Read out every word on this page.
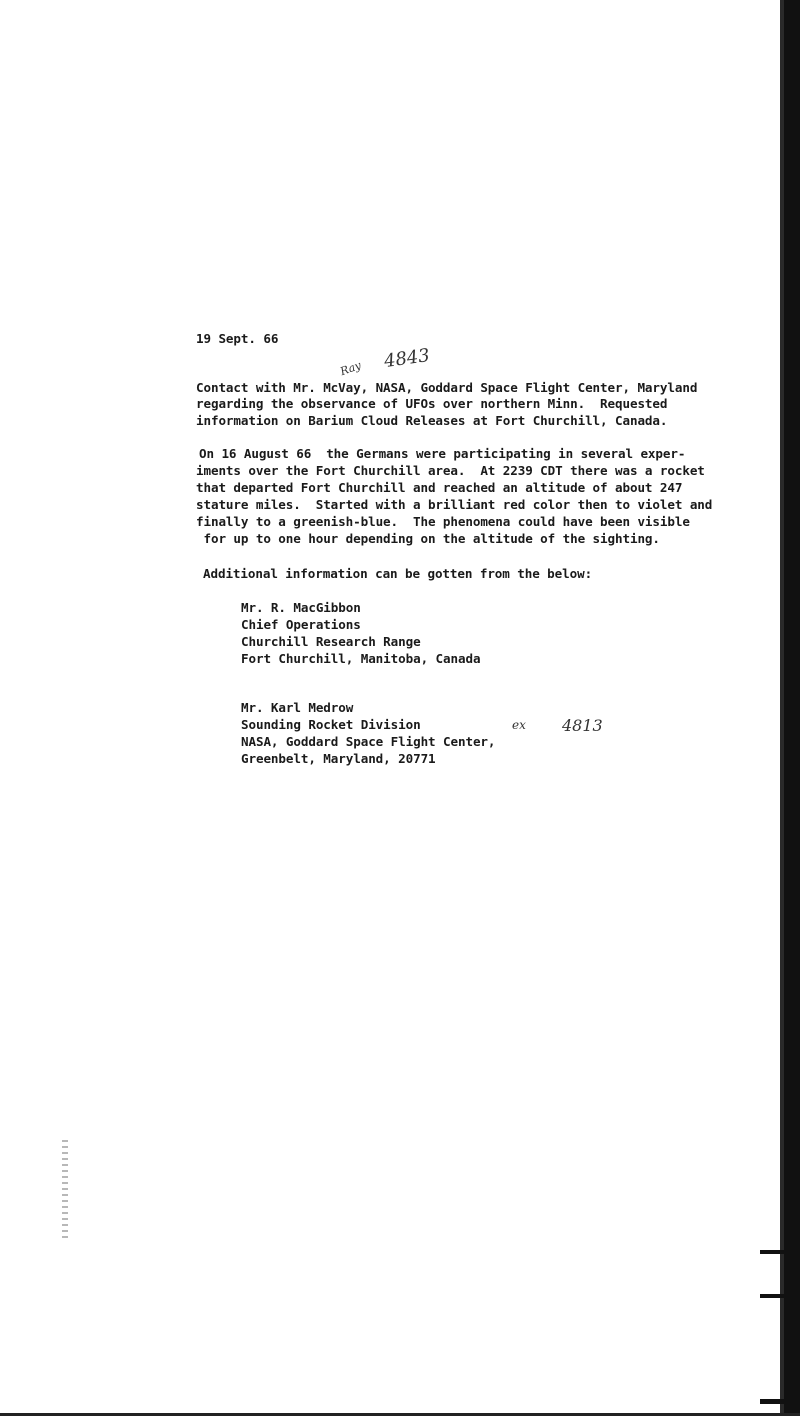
19 Sept. 66
Ray 4843
Contact with Mr. McVay, NASA, Goddard Space Flight Center, Maryland
regarding the observance of UFOs over northern Minn.  Requested
information on Barium Cloud Releases at Fort Churchill, Canada.
On 16 August 66  the Germans were participating in several exper-
iments over the Fort Churchill area.  At 2239 CDT there was a rocket
that departed Fort Churchill and reached an altitude of about 247
stature miles.  Started with a brilliant red color then to violet and
finally to a greenish-blue.  The phenomena could have been visible
for up to one hour depending on the altitude of the sighting.
Additional information can be gotten from the below:
Mr. R. MacGibbon
Chief Operations
Churchill Research Range
Fort Churchill, Manitoba, Canada
Mr. Karl Medrow
Sounding Rocket Division
NASA, Goddard Space Flight Center,
Greenbelt, Maryland, 20771
ex 4813
